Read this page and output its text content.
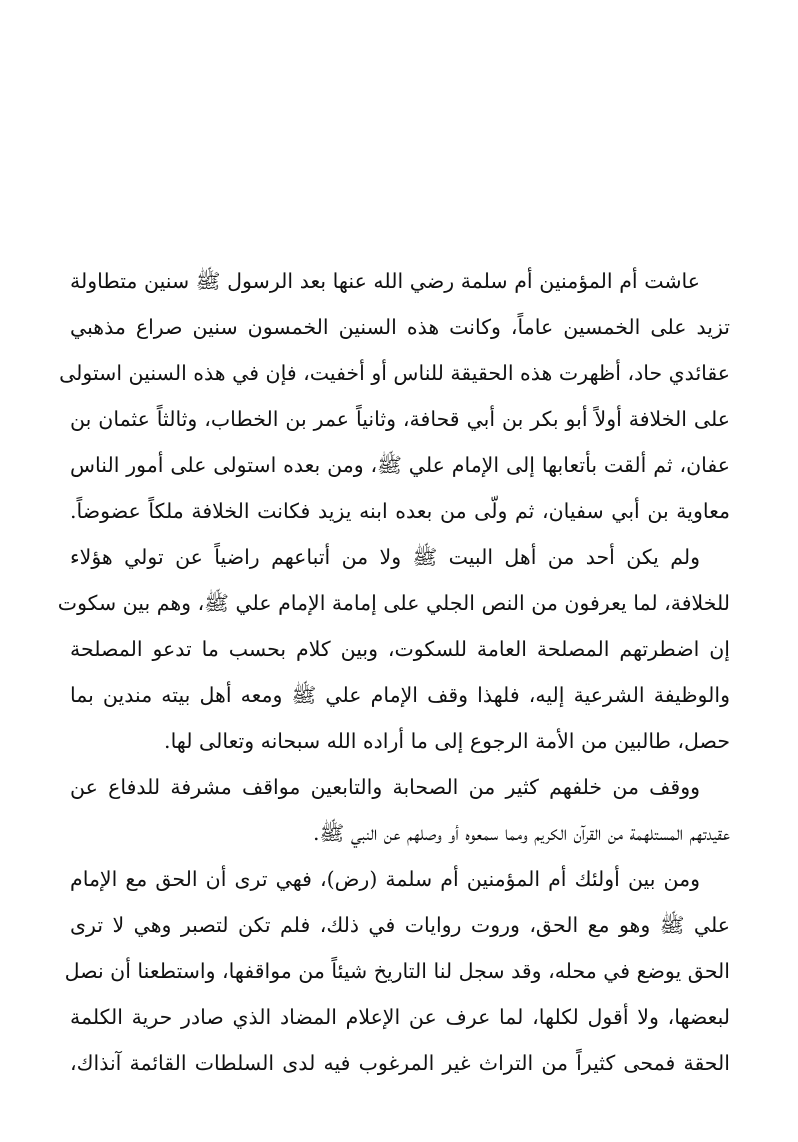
عاشت أم المؤمنين أم سلمة رضي الله عنها بعد الرسول ﷺ سنين متطاولة
تزيد على الخمسين عاماً، وكانت هذه السنين الخمسون سنين صراع مذهبي
عقائدي حاد، أظهرت هذه الحقيقة للناس أو أخفيت، فإن في هذه السنين استولى
على الخلافة أولاً أبو بكر بن أبي قحافة، وثانياً عمر بن الخطاب، وثالثاً عثمان بن
عفان، ثم ألقت بأتعابها إلى الإمام علي ﷺ، ومن بعده استولى على أمور الناس
معاوية بن أبي سفيان، ثم ولّى من بعده ابنه يزيد فكانت الخلافة ملكاً عضوضاً.
ولم يكن أحد من أهل البيت ﷺ ولا من أتباعهم راضياً عن تولي هؤلاء
للخلافة، لما يعرفون من النص الجلي على إمامة الإمام علي ﷺ، وهم بين سكوت
إن اضطرتهم المصلحة العامة للسكوت، وبين كلام بحسب ما تدعو المصلحة
والوظيفة الشرعية إليه، فلهذا وقف الإمام علي ﷺ ومعه أهل بيته مندين بما
حصل، طالبين من الأمة الرجوع إلى ما أراده الله سبحانه وتعالى لها.
ووقف من خلفهم كثير من الصحابة والتابعين مواقف مشرفة للدفاع عن
عقيدتهم المستلهمة من القرآن الكريم ومما سمعوه أو وصلهم عن النبي ﷺ.
ومن بين أولئك أم المؤمنين أم سلمة (رض)، فهي ترى أن الحق مع الإمام
علي ﷺ وهو مع الحق، وروت روايات في ذلك، فلم تكن لتصبر وهي لا ترى
الحق يوضع في محله، وقد سجل لنا التاريخ شيئاً من مواقفها، واستطعنا أن نصل
لبعضها، ولا أقول لكلها، لما عرف عن الإعلام المضاد الذي صادر حرية الكلمة
الحقة فمحى كثيراً من التراث غير المرغوب فيه لدى السلطات القائمة آنذاك،
